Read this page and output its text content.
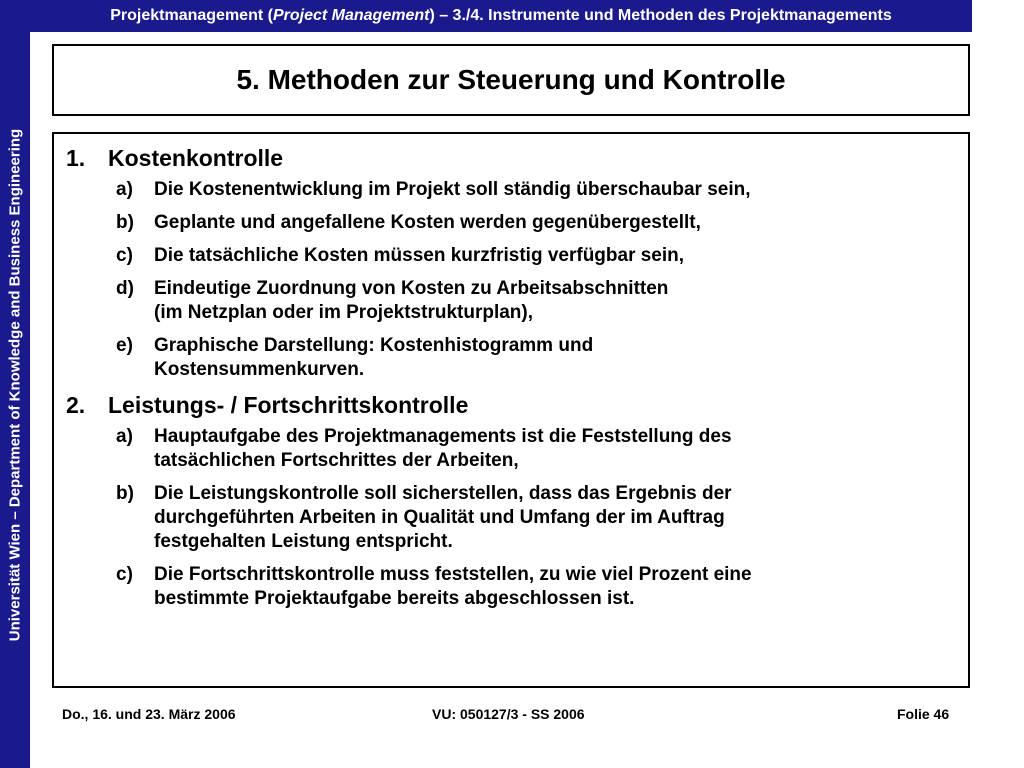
Projektmanagement (Project Management) – 3./4. Instrumente und Methoden des Projektmanagements
Universität Wien – Department of Knowledge and Business Engineering
5. Methoden zur Steuerung und Kontrolle
1. Kostenkontrolle
a)	Die Kostenentwicklung im Projekt soll ständig überschaubar sein,
b)	Geplante und angefallene Kosten werden gegenübergestellt,
c)	Die tatsächliche Kosten müssen kurzfristig verfügbar sein,
d)	Eindeutige Zuordnung von Kosten zu Arbeitsabschnitten
(im Netzplan oder im Projektstrukturplan),
e)	Graphische Darstellung: Kostenhistogramm und
Kostensummenkurven.
2. Leistungs- / Fortschrittskontrolle
a)	Hauptaufgabe des Projektmanagements ist die Feststellung des
tatsächlichen Fortschrittes der Arbeiten,
b)	Die Leistungskontrolle soll sicherstellen, dass das Ergebnis der
durchgeführten Arbeiten in Qualität und Umfang der im Auftrag
festgehalten Leistung entspricht.
c)	Die Fortschrittskontrolle muss feststellen, zu wie viel Prozent eine
bestimmte Projektaufgabe bereits abgeschlossen ist.
Do., 16. und 23. März 2006	VU: 050127/3 - SS 2006	Folie 46
